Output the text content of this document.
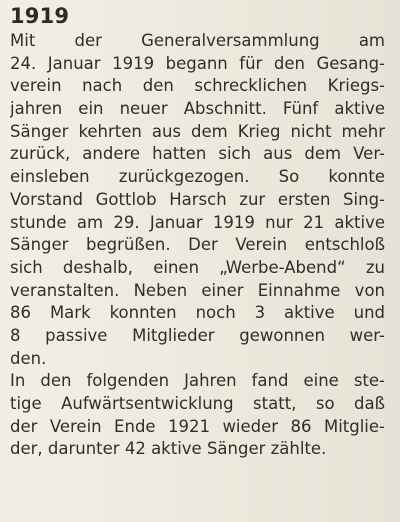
1919

Mit der Generalversammlung am
24. Januar 1919 begann für den Gesang-
verein nach den schrecklichen Kriegs-
jahren ein neuer Abschnitt. Fünf aktive
Sänger kehrten aus dem Krieg nicht mehr
zurück, andere hatten sich aus dem Ver-
einsleben zurückgezogen. So konnte
Vorstand Gottlob Harsch zur ersten Sing-
stunde am 29. Januar 1919 nur 21 aktive
Sänger begrüßen. Der Verein entschloß
sich deshalb, einen „Werbe-Abend“ zu
veranstalten. Neben einer Einnahme von
86 Mark konnten noch 3 aktive und
8 passive Mitglieder gewonnen wer-
den.

In den folgenden Jahren fand eine ste-
tige Aufwärtsentwicklung statt, so daß
der Verein Ende 1921 wieder 86 Mitglie-
der, darunter 42 aktive Sänger zählte.
